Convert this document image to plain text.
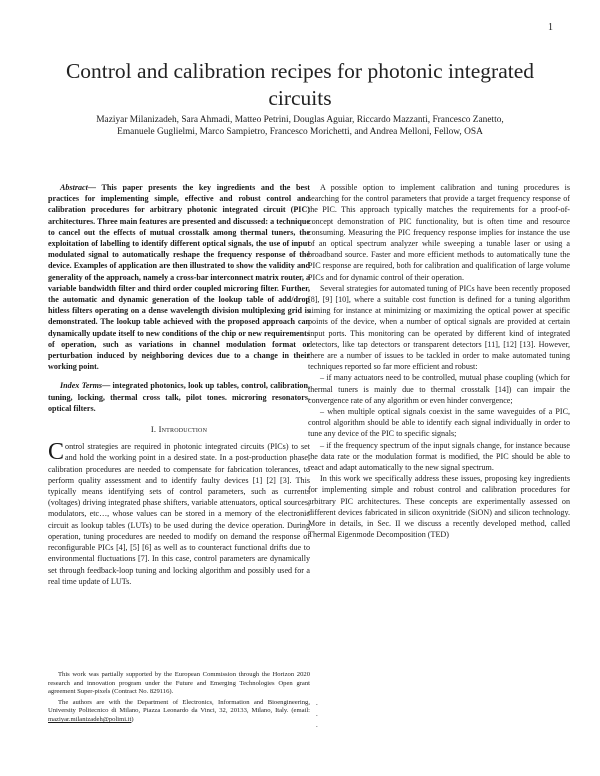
1
Control and calibration recipes for photonic integrated circuits
Maziyar Milanizadeh, Sara Ahmadi, Matteo Petrini, Douglas Aguiar, Riccardo Mazzanti, Francesco Zanetto, Emanuele Guglielmi, Marco Sampietro, Francesco Morichetti, and Andrea Melloni, Fellow, OSA

Abstract— This paper presents the key ingredients and the best practices for implementing simple, effective and robust control and calibration procedures for arbitrary photonic integrated circuit (PIC) architectures. Three main features are presented and discussed: a technique to cancel out the effects of mutual crosstalk among thermal tuners, the exploitation of labelling to identify different optical signals, the use of input modulated signal to automatically reshape the frequency response of the device. Examples of application are then illustrated to show the validity and generality of the approach, namely a cross-bar interconnect matrix router, a variable bandwidth filter and third order coupled microring filter. Further, the automatic and dynamic generation of the lookup table of add/drop hitless filters operating on a dense wavelength division multiplexing grid is demonstrated. The lookup table achieved with the proposed approach can dynamically update itself to new conditions of the chip or new requirements of operation, such as variations in channel modulation format or perturbation induced by neighboring devices due to a change in their working point.

Index Terms— integrated photonics, look up tables, control, calibration, tuning, locking, thermal cross talk, pilot tones. microring resonators, optical filters.

I. Introduction

Control strategies are required in photonic integrated circuits (PICs) to set and hold the working point in a desired state. In a post-production phase, calibration procedures are needed to compensate for fabrication tolerances, to perform quality assessment and to identify faulty devices [1] [2] [3]. This typically means identifying sets of control parameters, such as currents (voltages) driving integrated phase shifters, variable attenuators, optical sources, modulators, etc…, whose values can be stored in a memory of the electronic circuit as lookup tables (LUTs) to be used during the device operation. During operation, tuning procedures are needed to modify on demand the response of reconfigurable PICs [4], [5] [6] as well as to counteract functional drifts due to environmental fluctuations [7]. In this case, control parameters are dynamically set through feedback-loop tuning and locking algorithm and possibly used for a real time update of LUTs.

This work was partially supported by the European Commission through the Horizon 2020 research and innovation program under the Future and Emerging Technologies Open grant agreement Super-pixels (Contract No. 829116).

The authors are with the Department of Electronics, Information and Bioengineering, University Politecnico di Milano, Piazza Leonardo da Vinci, 32, 20133, Milano, Italy. (email: maziyar.milanizadeh@polimi.it)

A possible option to implement calibration and tuning procedures is searching for the control parameters that provide a target frequency response of the PIC. This approach typically matches the requirements for a proof-of-concept demonstration of PIC functionality, but is often time and resource consuming. Measuring the PIC frequency response implies for instance the use of an optical spectrum analyzer while sweeping a tunable laser or using a broadband source. Faster and more efficient methods to automatically tune the PIC response are required, both for calibration and qualification of large volume PICs and for dynamic control of their operation.

Several strategies for automated tuning of PICs have been recently proposed [8], [9] [10], where a suitable cost function is defined for a tuning algorithm aiming for instance at minimizing or maximizing the optical power at specific points of the device, when a number of optical signals are provided at certain input ports. This monitoring can be operated by different kind of integrated detectors, like tap detectors or transparent detectors [11], [12] [13]. However, there are a number of issues to be tackled in order to make automated tuning techniques reported so far more efficient and robust:

– if many actuators need to be controlled, mutual phase coupling (which for thermal tuners is mainly due to thermal crosstalk [14]) can impair the convergence rate of any algorithm or even hinder convergence;

– when multiple optical signals coexist in the same waveguides of a PIC, control algorithm should be able to identify each signal individually in order to tune any device of the PIC to specific signals;

– if the frequency spectrum of the input signals change, for instance because the data rate or the modulation format is modified, the PIC should be able to react and adapt automatically to the new signal spectrum.

In this work we specifically address these issues, proposing key ingredients for implementing simple and robust control and calibration procedures for arbitrary PIC architectures. These concepts are experimentally assessed on different devices fabricated in silicon oxynitride (SiON) and silicon technology. More in details, in Sec. II we discuss a recently developed method, called Thermal Eigenmode Decomposition (TED)

.
.
.
